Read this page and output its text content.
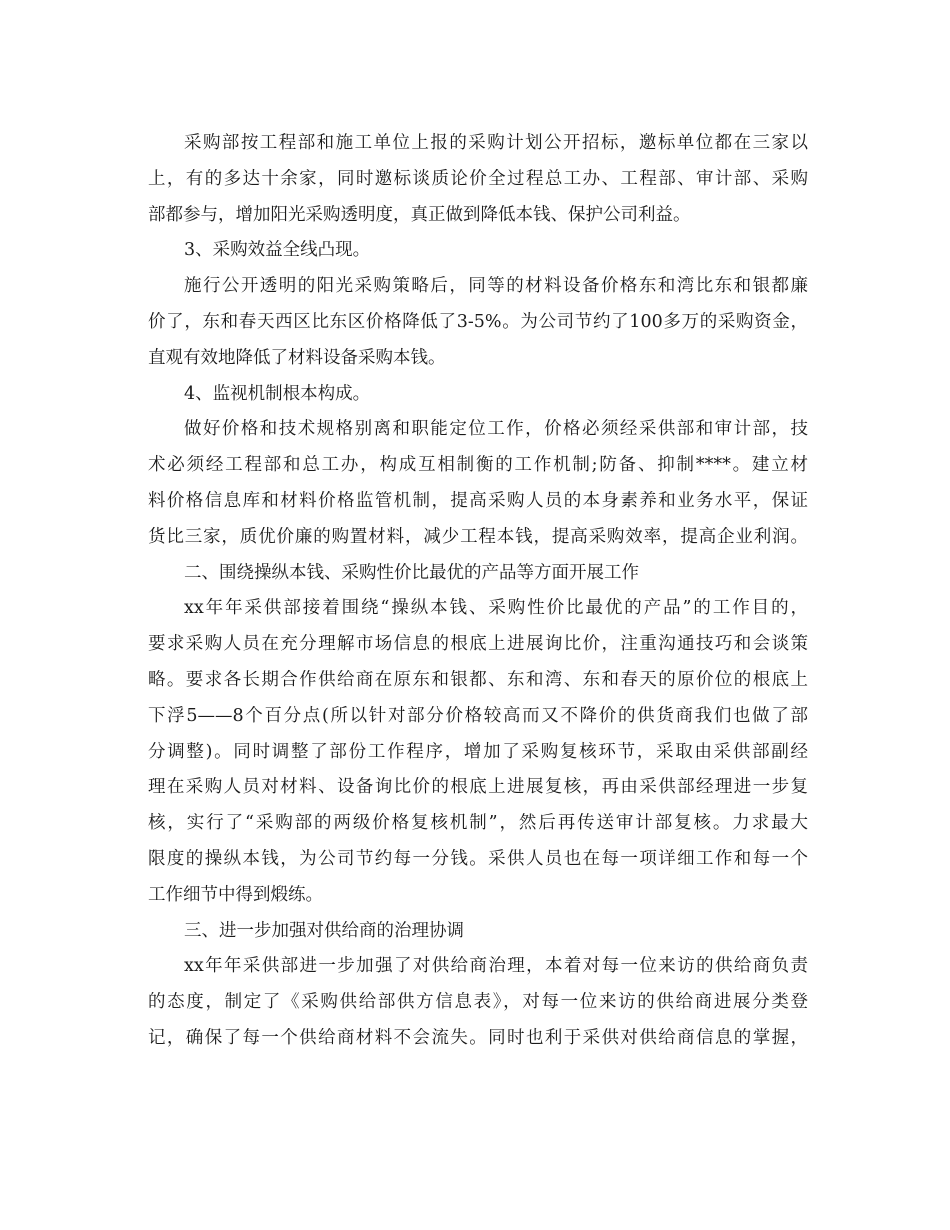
采购部按工程部和施工单位上报的采购计划公开招标，邀标单位都在三家以
上，有的多达十余家，同时邀标谈质论价全过程总工办、工程部、审计部、采购
部都参与，增加阳光采购透明度，真正做到降低本钱、保护公司利益。
3、采购效益全线凸现。
施行公开透明的阳光采购策略后，同等的材料设备价格东和湾比东和银都廉
价了，东和春天西区比东区价格降低了3-5%。为公司节约了100多万的采购资金，
直观有效地降低了材料设备采购本钱。
4、监视机制根本构成。
做好价格和技术规格别离和职能定位工作，价格必须经采供部和审计部，技
术必须经工程部和总工办，构成互相制衡的工作机制;防备、抑制****。建立材
料价格信息库和材料价格监管机制，提高采购人员的本身素养和业务水平，保证
货比三家，质优价廉的购置材料，减少工程本钱，提高采购效率，提高企业利润。
二、围绕操纵本钱、采购性价比最优的产品等方面开展工作
xx年年采供部接着围绕“操纵本钱、采购性价比最优的产品”的工作目的，
要求采购人员在充分理解市场信息的根底上进展询比价，注重沟通技巧和会谈策
略。要求各长期合作供给商在原东和银都、东和湾、东和春天的原价位的根底上
下浮5——8个百分点(所以针对部分价格较高而又不降价的供货商我们也做了部
分调整)。同时调整了部份工作程序，增加了采购复核环节，采取由采供部副经
理在采购人员对材料、设备询比价的根底上进展复核，再由采供部经理进一步复
核，实行了“采购部的两级价格复核机制”，然后再传送审计部复核。力求最大
限度的操纵本钱，为公司节约每一分钱。采供人员也在每一项详细工作和每一个
工作细节中得到煅练。
三、进一步加强对供给商的治理协调
xx年年采供部进一步加强了对供给商治理，本着对每一位来访的供给商负责
的态度，制定了《采购供给部供方信息表》，对每一位来访的供给商进展分类登
记，确保了每一个供给商材料不会流失。同时也利于采供对供给商信息的掌握，
